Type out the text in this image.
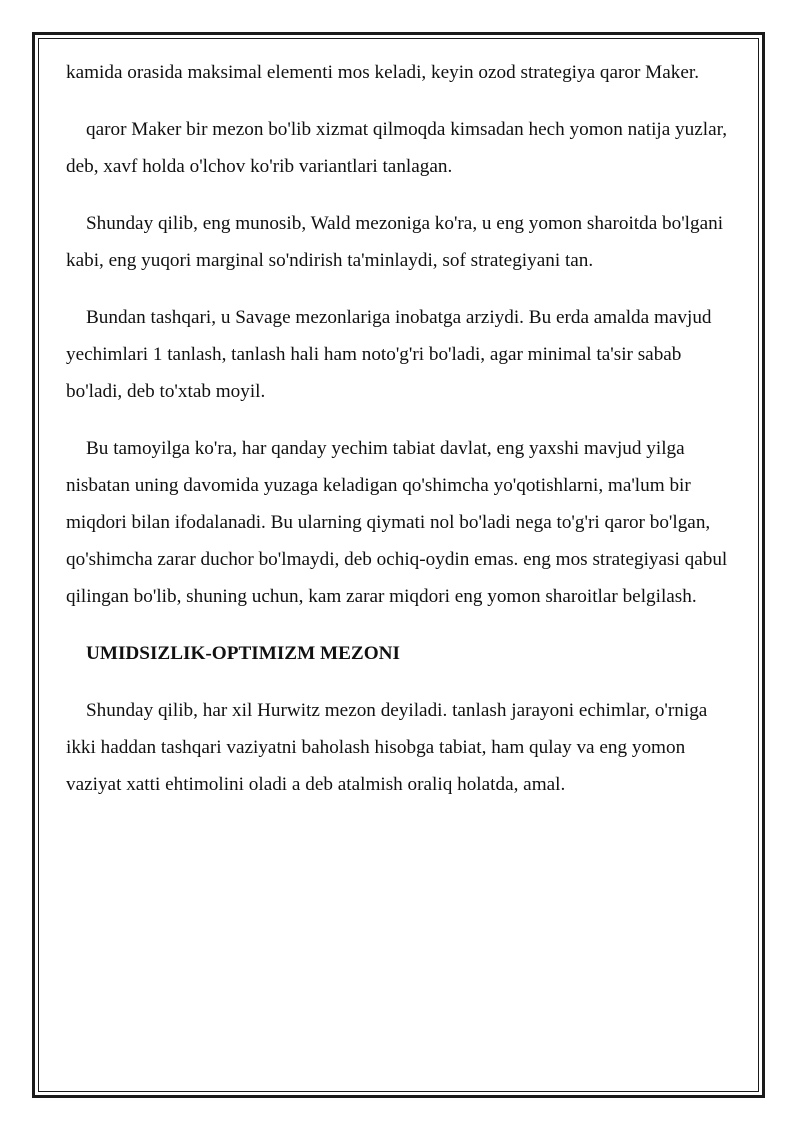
kamida orasida maksimal elementi mos keladi, keyin ozod strategiya qaror Maker.

qaror Maker bir mezon bo'lib xizmat qilmoqda kimsadan hech yomon natija yuzlar, deb, xavf holda o'lchov ko'rib variantlari tanlagan.

Shunday qilib, eng munosib, Wald mezoniga ko'ra, u eng yomon sharoitda bo'lgani kabi, eng yuqori marginal so'ndirish ta'minlaydi, sof strategiyani tan.

Bundan tashqari, u Savage mezonlariga inobatga arziydi. Bu erda amalda mavjud yechimlari 1 tanlash, tanlash hali ham noto'g'ri bo'ladi, agar minimal ta'sir sabab bo'ladi, deb to'xtab moyil.

Bu tamoyilga ko'ra, har qanday yechim tabiat davlat, eng yaxshi mavjud yilga nisbatan uning davomida yuzaga keladigan qo'shimcha yo'qotishlarni, ma'lum bir miqdori bilan ifodalanadi. Bu ularning qiymati nol bo'ladi nega to'g'ri qaror bo'lgan, qo'shimcha zarar duchor bo'lmaydi, deb ochiq-oydin emas. eng mos strategiyasi qabul qilingan bo'lib, shuning uchun, kam zarar miqdori eng yomon sharoitlar belgilash.

UMIDSIZLIK-OPTIMIZM MEZONI

Shunday qilib, har xil Hurwitz mezon deyiladi. tanlash jarayoni echimlar, o'rniga ikki haddan tashqari vaziyatni baholash hisobga tabiat, ham qulay va eng yomon vaziyat xatti ehtimolini oladi a deb atalmish oraliq holatda, amal.
